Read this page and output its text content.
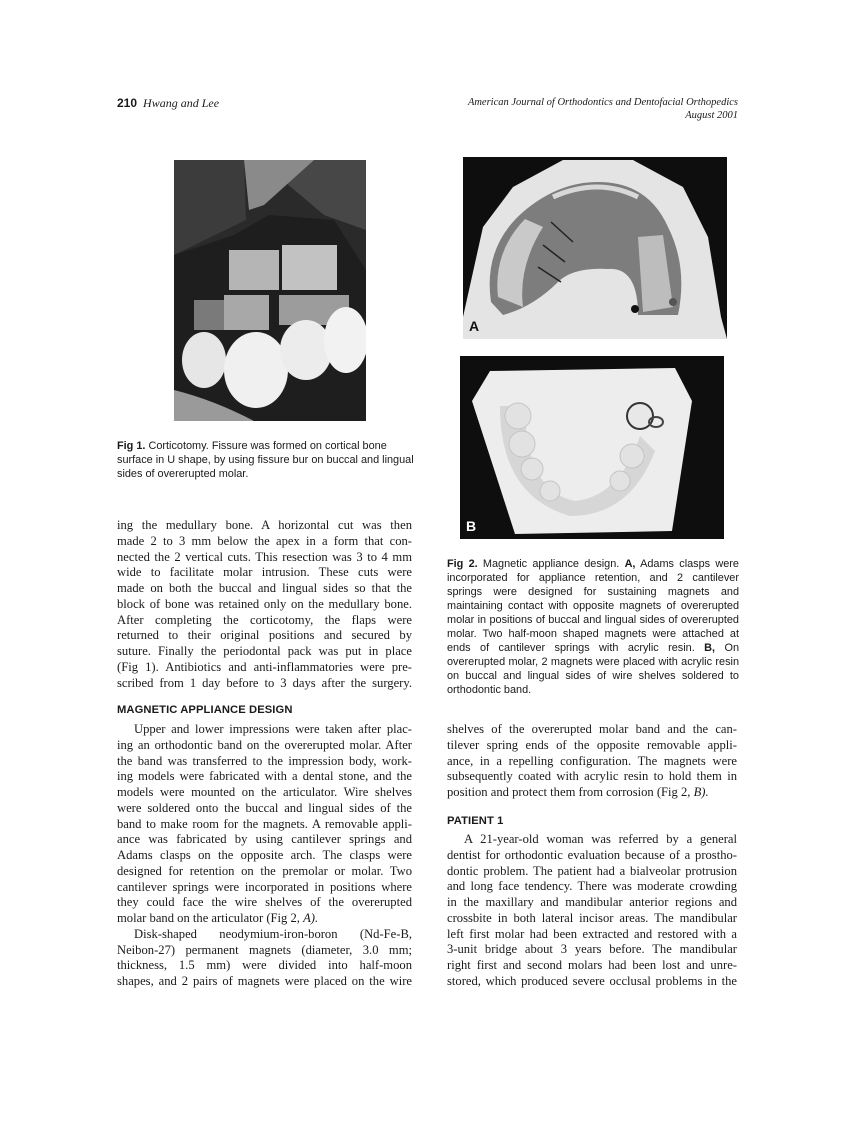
210 Hwang and Lee	American Journal of Orthodontics and Dentofacial Orthopedics
August 2001
Fig 1. Corticotomy. Fissure was formed on cortical bone surface in U shape, by using fissure bur on buccal and lingual sides of overerupted molar.
A
B
Fig 2. Magnetic appliance design. A, Adams clasps were incorporated for appliance retention, and 2 cantilever springs were designed for sustaining magnets and maintaining contact with opposite magnets of overerupted molar in positions of buccal and lingual sides of overerupted molar. Two half-moon shaped magnets were attached at ends of cantilever springs with acrylic resin. B, On overerupted molar, 2 magnets were placed with acrylic resin on buccal and lingual sides of wire shelves soldered to orthodontic band.
ing the medullary bone. A horizontal cut was then
made 2 to 3 mm below the apex in a form that con-
nected the 2 vertical cuts. This resection was 3 to 4 mm
wide to facilitate molar intrusion. These cuts were
made on both the buccal and lingual sides so that the
block of bone was retained only on the medullary bone.
After completing the corticotomy, the flaps were
returned to their original positions and secured by
suture. Finally the periodontal pack was put in place
(Fig 1). Antibiotics and anti-inflammatories were pre-
scribed from 1 day before to 3 days after the surgery.
MAGNETIC APPLIANCE DESIGN
Upper and lower impressions were taken after plac-
ing an orthodontic band on the overerupted molar. After
the band was transferred to the impression body, work-
ing models were fabricated with a dental stone, and the
models were mounted on the articulator. Wire shelves
were soldered onto the buccal and lingual sides of the
band to make room for the magnets. A removable appli-
ance was fabricated by using cantilever springs and
Adams clasps on the opposite arch. The clasps were
designed for retention on the premolar or molar. Two
cantilever springs were incorporated in positions where
they could face the wire shelves of the overerupted
molar band on the articulator (Fig 2, A).
Disk-shaped neodymium-iron-boron (Nd-Fe-B,
Neibon-27) permanent magnets (diameter, 3.0 mm;
thickness, 1.5 mm) were divided into half-moon
shapes, and 2 pairs of magnets were placed on the wire
shelves of the overerupted molar band and the can-
tilever spring ends of the opposite removable appli-
ance, in a repelling configuration. The magnets were
subsequently coated with acrylic resin to hold them in
position and protect them from corrosion (Fig 2, B).
PATIENT 1
A 21-year-old woman was referred by a general
dentist for orthodontic evaluation because of a prostho-
dontic problem. The patient had a bialveolar protrusion
and long face tendency. There was moderate crowding
in the maxillary and mandibular anterior regions and
crossbite in both lateral incisor areas. The mandibular
left first molar had been extracted and restored with a
3-unit bridge about 3 years before. The mandibular
right first and second molars had been lost and unre-
stored, which produced severe occlusal problems in the
